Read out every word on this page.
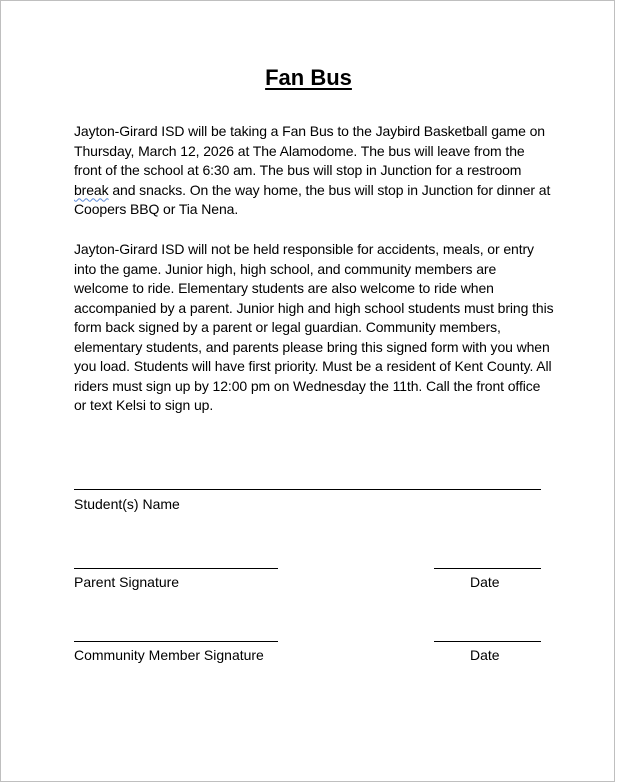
Fan Bus

Jayton-Girard ISD will be taking a Fan Bus to the Jaybird Basketball game on Thursday, March 12, 2026 at The Alamodome. The bus will leave from the front of the school at 6:30 am. The bus will stop in Junction for a restroom break and snacks. On the way home, the bus will stop in Junction for dinner at Coopers BBQ or Tia Nena.

Jayton-Girard ISD will not be held responsible for accidents, meals, or entry into the game. Junior high, high school, and community members are welcome to ride. Elementary students are also welcome to ride when accompanied by a parent. Junior high and high school students must bring this form back signed by a parent or legal guardian. Community members, elementary students, and parents please bring this signed form with you when you load. Students will have first priority. Must be a resident of Kent County. All riders must sign up by 12:00 pm on Wednesday the 11th. Call the front office or text Kelsi to sign up.

Student(s) Name
Parent Signature	Date
Community Member Signature	Date
